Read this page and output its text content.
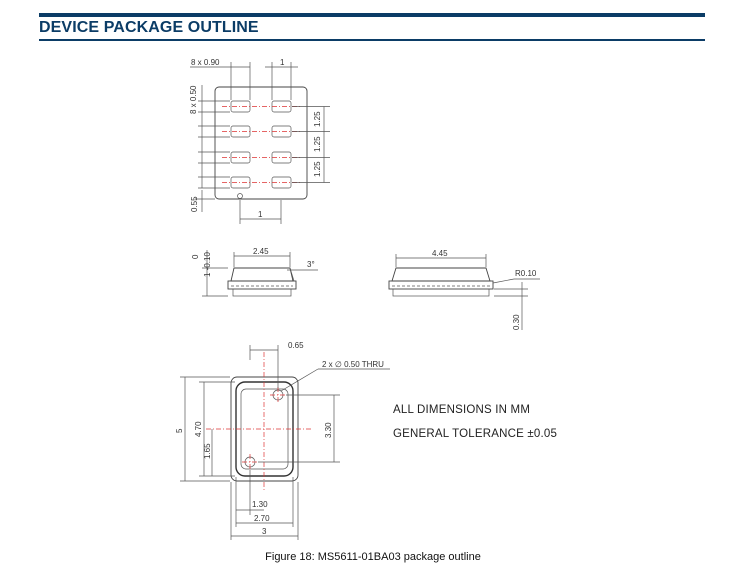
DEVICE PACKAGE OUTLINE
8 x 0.90	1
8 x 0.50
1.25
1.25
1.25
0.55
1
0 1 -0.10
2.45
3°
4.45
R0.10
0.30
0.65
2 x ∅ 0.50 THRU
5 4.70
1.65
3.30
1.30
2.70
3
ALL DIMENSIONS IN MM
GENERAL TOLERANCE ±0.05
Figure 18: MS5611-01BA03 package outline
